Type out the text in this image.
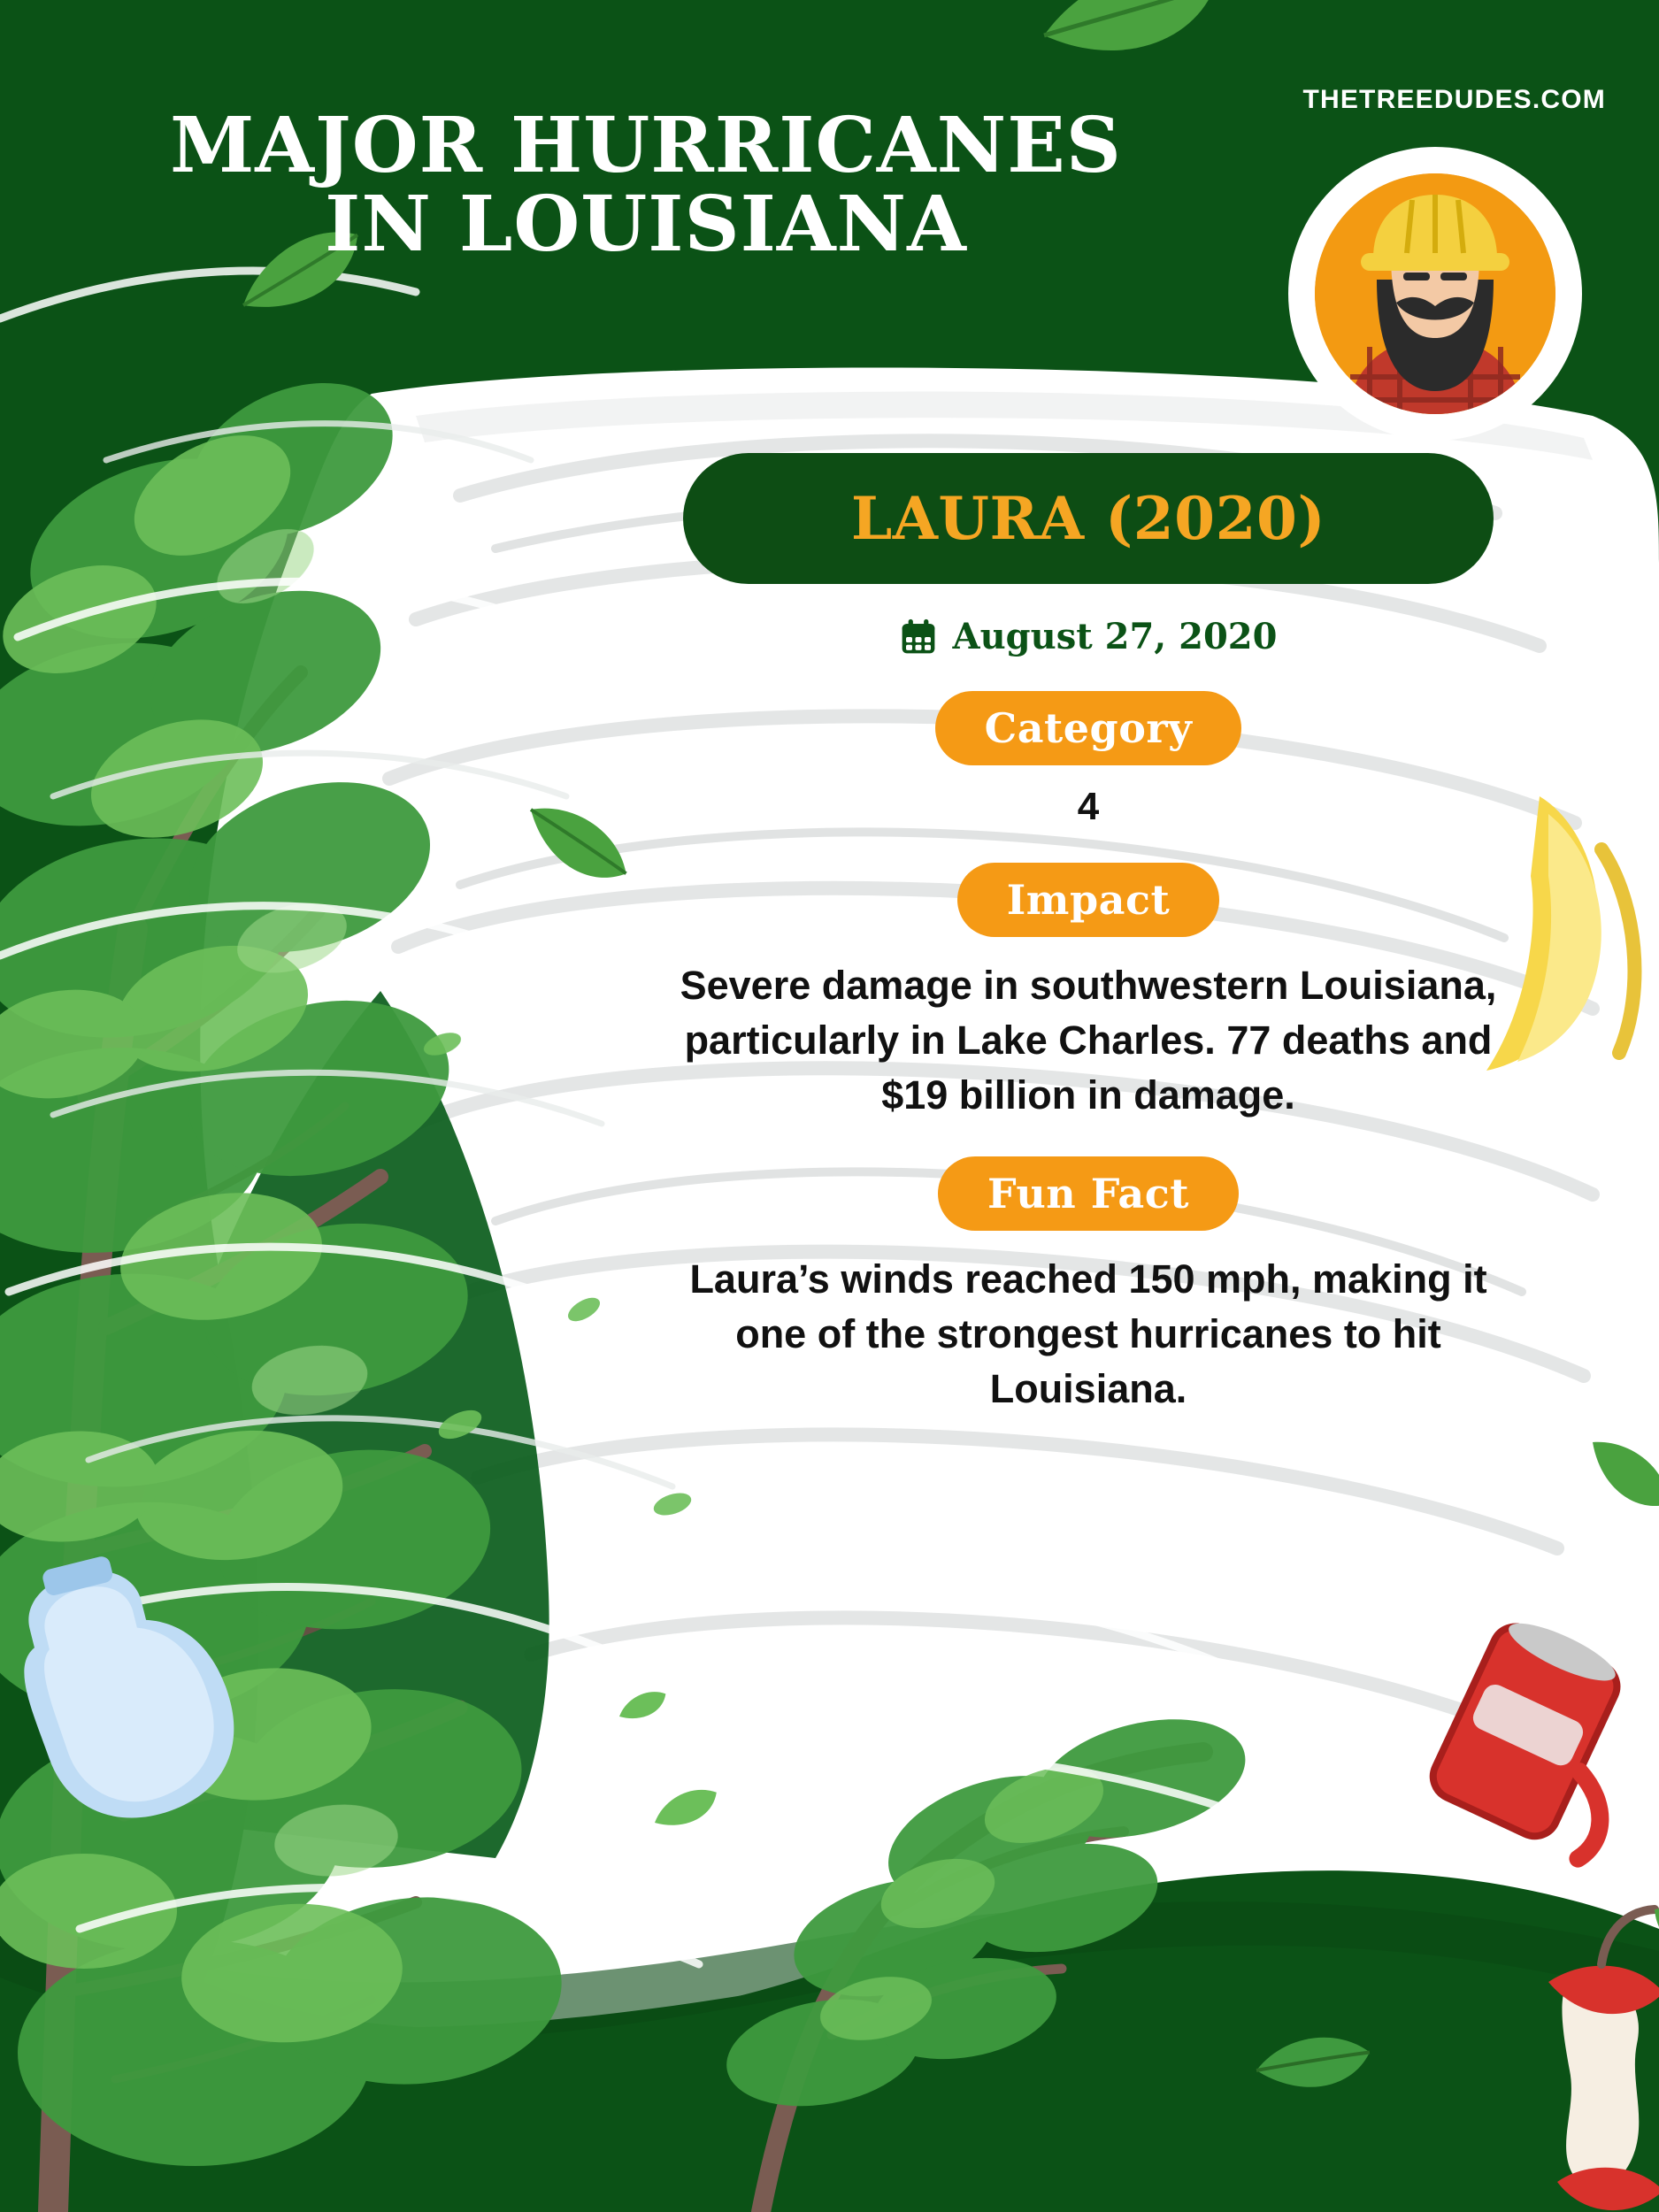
THETREEDUDES.COM
MAJOR HURRICANES
IN LOUISIANA
LAURA (2020)
August 27, 2020
Category
4
Impact
Severe damage in southwestern Louisiana, particularly in Lake Charles. 77 deaths and $19 billion in damage.
Fun Fact
Laura’s winds reached 150 mph, making it one of the strongest hurricanes to hit Louisiana.
